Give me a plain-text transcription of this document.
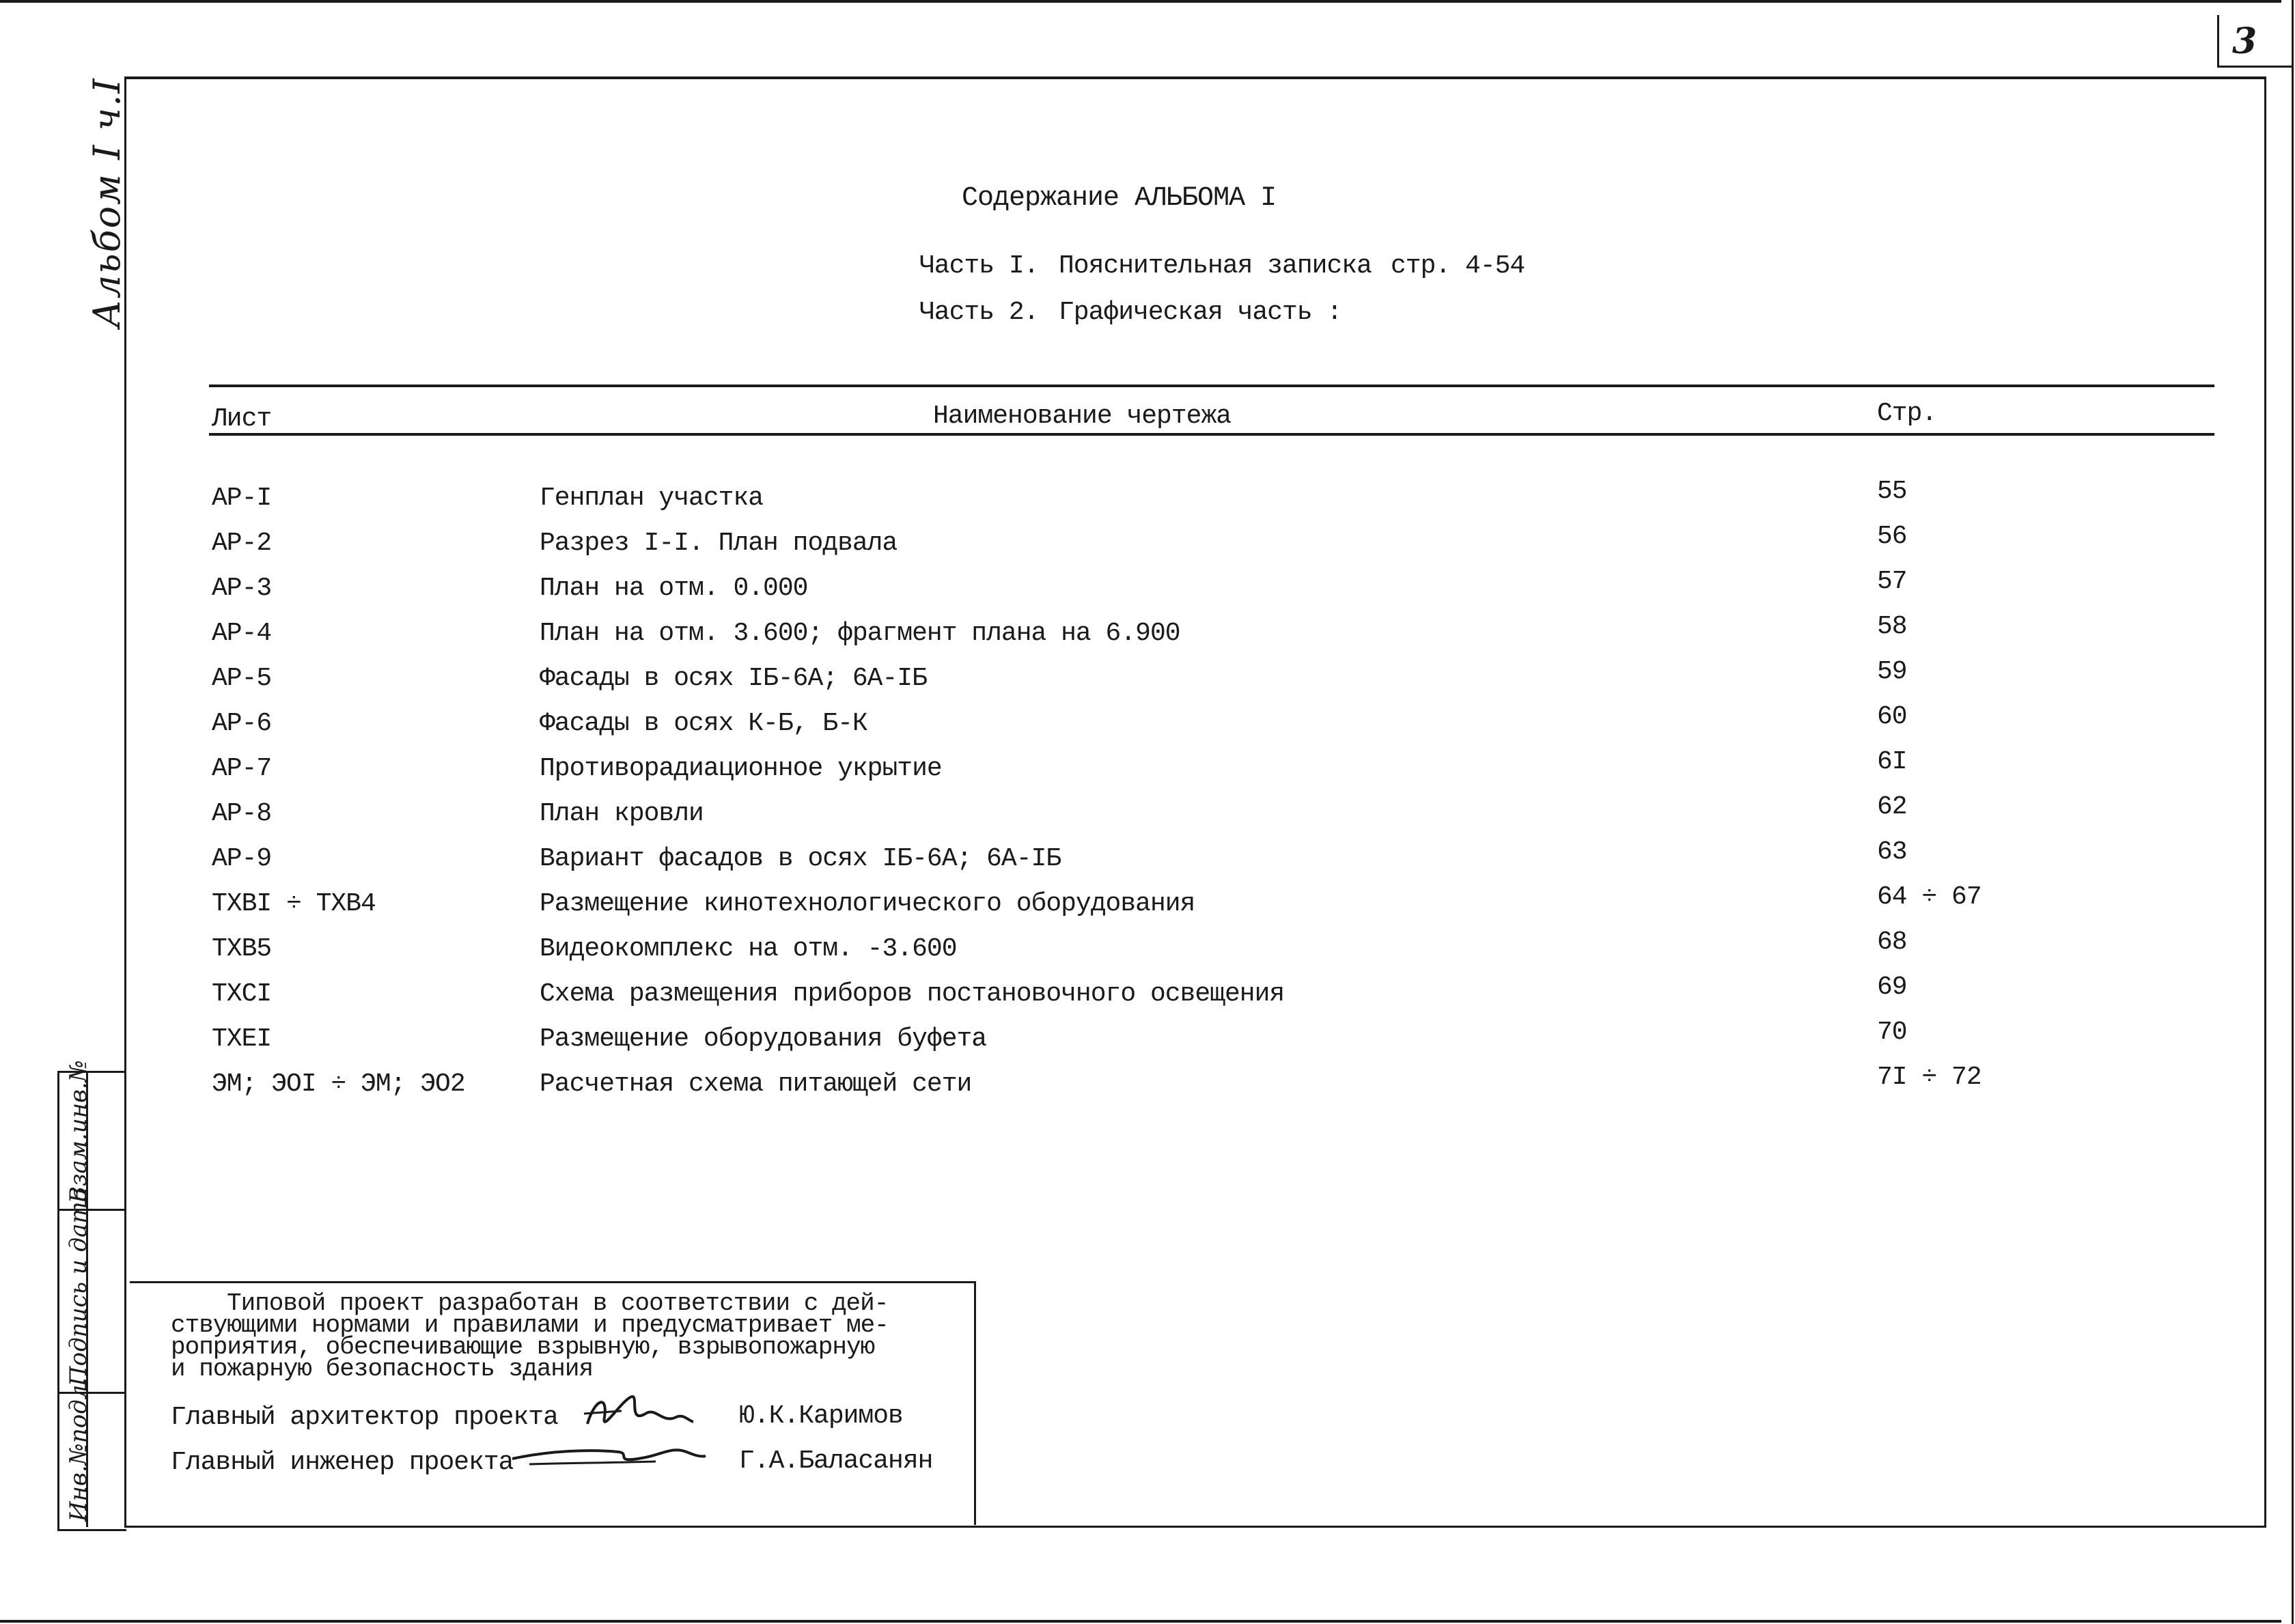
3
Альбом I ч.I
Взам.инв.№
Подпись и дата
Инв.№подл.
Содержание АЛЬБОМА I
Часть I. Пояснительная записка стр. 4-54
Часть 2. Графическая часть :
Лист	Наименование чертежа	Стр.
АР-I	Генплан участка	55
АР-2	Разрез I-I. План подвала	56
АР-3	План на отм. 0.000	57
АР-4	План на отм. 3.600; фрагмент плана на 6.900	58
АР-5	Фасады в осях IБ-6А; 6А-IБ	59
АР-6	Фасады в осях К-Б, Б-К	60
АР-7	Противорадиационное укрытие	6I
АР-8	План кровли	62
АР-9	Вариант фасадов в осях IБ-6А; 6А-IБ	63
ТХВI ÷ ТХВ4	Размещение кинотехнологического оборудования	64 ÷ 67
ТХВ5	Видеокомплекс на отм. -3.600	68
ТХСI	Схема размещения приборов постановочного освещения	69
ТХЕI	Размещение оборудования буфета	70
ЭМ; ЭОI ÷ ЭМ; ЭО2	Расчетная схема питающей сети	7I ÷ 72
Типовой проект разработан в соответствии с дей-
ствующими нормами и правилами и предусматривает ме-
роприятия, обеспечивающие взрывную, взрывопожарную
и пожарную безопасность здания
Главный архитектор проекта	Ю.К.Каримов
Главный инженер проекта	Г.А.Баласанян
